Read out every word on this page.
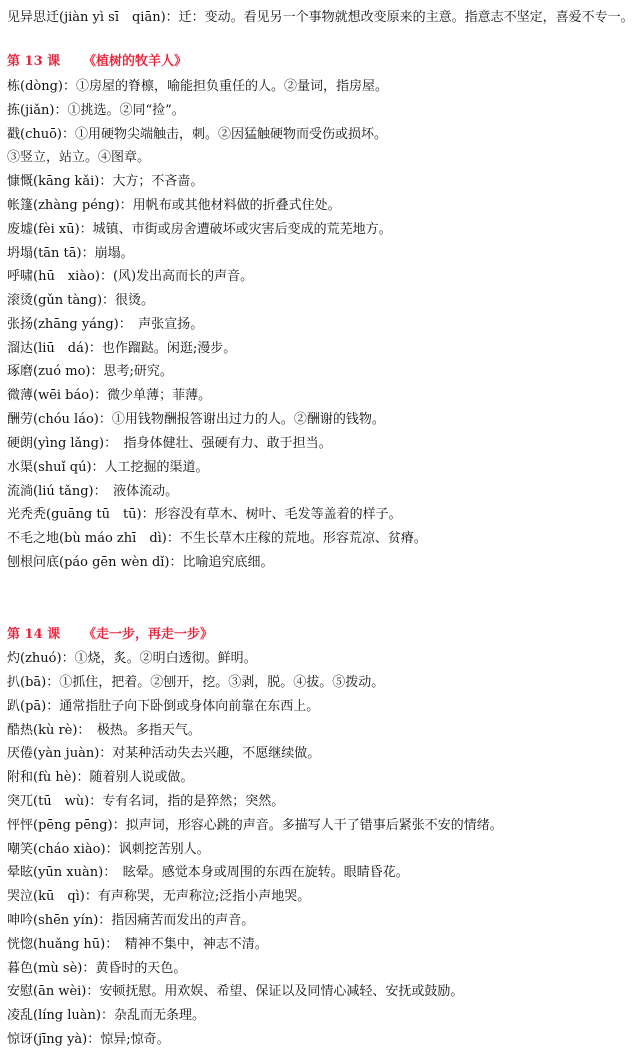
见异思迁(jiàn yì sī　qiān)：迁：变动。看见另一个事物就想改变原来的主意。指意志不坚定，喜爱不专一。
第 13 课 《植树的牧羊人》
栋(dòng)：①房屋的脊檩，喻能担负重任的人。②量词，指房屋。
拣(jiǎn)：①挑选。②同“捡”。
戳(chuō)：①用硬物尖端触击，刺。②因猛触硬物而受伤或损坏。
③竖立，站立。④图章。
慷慨(kāng kǎi)：大方；不吝啬。
帐篷(zhàng péng)：用帆布或其他材料做的折叠式住处。
废墟(fèi xū)：城镇、市街或房舍遭破坏或灾害后变成的荒芜地方。
坍塌(tān tā)：崩塌。
呼啸(hū　xiào)：(风)发出高而长的声音。
滚烫(gǔn tàng)：很烫。
张扬(zhāng yáng)：　声张宣扬。
溜达(liū　dá)：也作蹓跶。闲逛;漫步。
琢磨(zuó mo)：思考;研究。
微薄(wēi báo)：微少单薄；菲薄。
酬劳(chóu láo)：①用钱物酬报答谢出过力的人。②酬谢的钱物。
硬朗(yìng lǎng)：　指身体健壮、强硬有力、敢于担当。
水渠(shuǐ qú)：人工挖掘的渠道。
流淌(liú tǎng)：　液体流动。
光秃秃(guāng tū　tū)：形容没有草木、树叶、毛发等盖着的样子。
不毛之地(bù máo zhī　dì)：不生长草木庄稼的荒地。形容荒凉、贫瘠。
刨根问底(páo gēn wèn dǐ)：比喻追究底细。
第 14 课 《走一步，再走一步》
灼(zhuó)：①烧，炙。②明白透彻。鲜明。
扒(bā)：①抓住，把着。②刨开，挖。③剥，脱。④拔。⑤拨动。
趴(pā)：通常指肚子向下卧倒或身体向前靠在东西上。
酷热(kù rè)：　极热。多指天气。
厌倦(yàn juàn)：对某种活动失去兴趣，不愿继续做。
附和(fù hè)：随着别人说或做。
突兀(tū　wù)：专有名词，指的是猝然；突然。
怦怦(pēng pēng)：拟声词，形容心跳的声音。多描写人干了错事后紧张不安的情绪。
嘲笑(cháo xiào)：讽刺挖苦别人。
晕眩(yūn xuàn)：　眩晕。感觉本身或周围的东西在旋转。眼睛昏花。
哭泣(kū　qì)：有声称哭，无声称泣;泛指小声地哭。
呻吟(shēn yín)：指因痛苦而发出的声音。
恍惚(huǎng hū)：　精神不集中，神志不清。
暮色(mù sè)：黄昏时的天色。
安慰(ān wèi)：安顿抚慰。用欢娱、希望、保证以及同情心减轻、安抚或鼓励。
凌乱(líng luàn)：杂乱而无条理。
惊讶(jīng yà)：惊异;惊奇。
